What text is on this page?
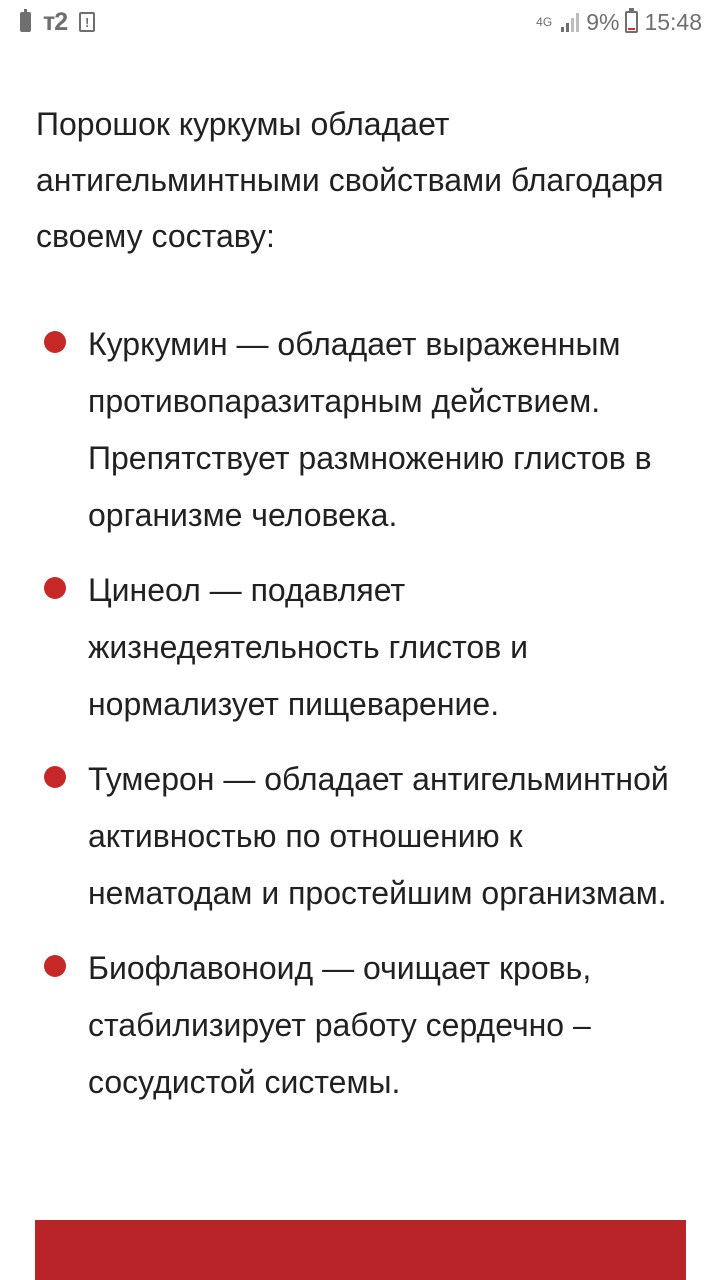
т2	!	4G 9% 15:48

Порошок куркумы обладает антигельминтными свойствами благодаря своему составу:

Куркумин — обладает выраженным противопаразитарным действием. Препятствует размножению глистов в организме человека.
Цинеол — подавляет жизнедеятельность глистов и нормализует пищеварение.
Тумерон — обладает антигельминтной активностью по отношению к нематодам и простейшим организмам.
Биофлавоноид — очищает кровь, стабилизирует работу сердечно – сосудистой системы.
